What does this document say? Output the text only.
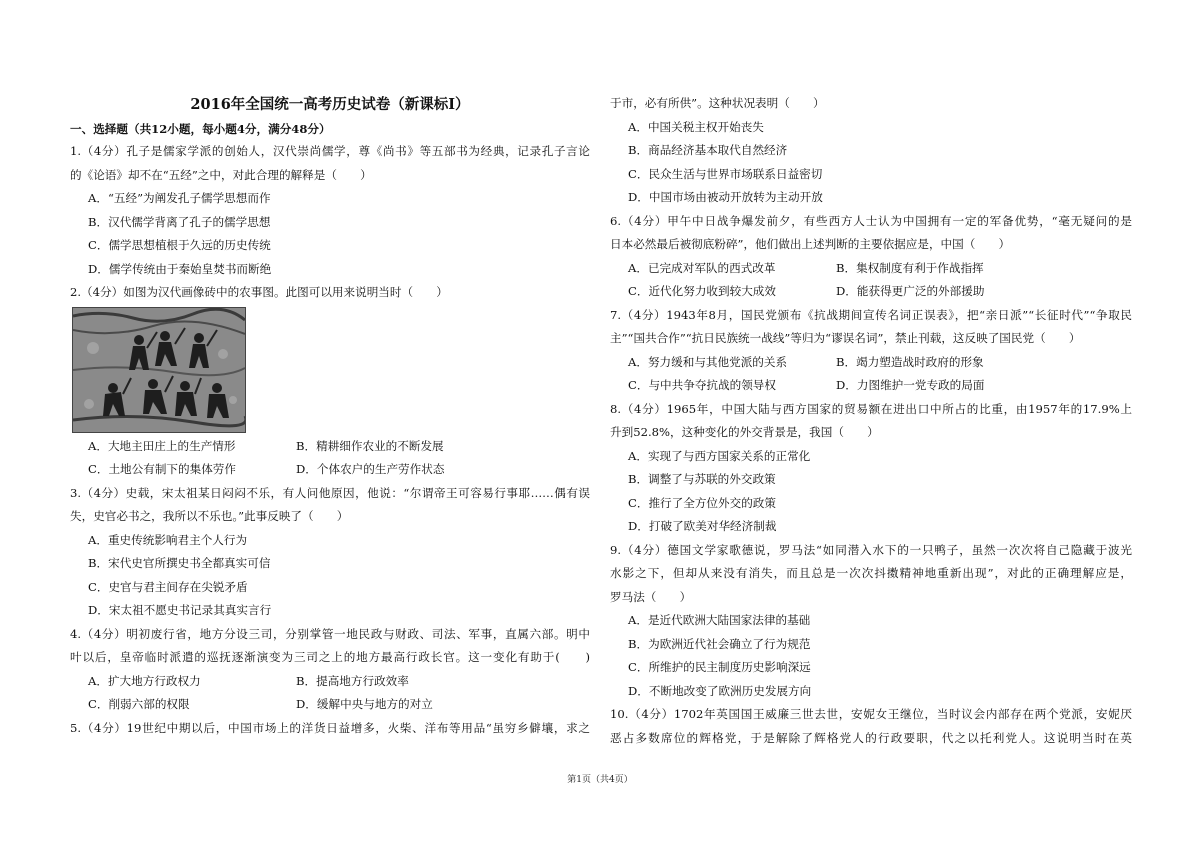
2016年全国统一高考历史试卷（新课标Ⅰ）
一、选择题（共12小题，每小题4分，满分48分）
1.（4分）孔子是儒家学派的创始人，汉代崇尚儒学，尊《尚书》等五部书为经典，记录孔子言论
的《论语》却不在“五经”之中，对此合理的解释是（　　）
A．“五经”为阐发孔子儒学思想而作
B．汉代儒学背离了孔子的儒学思想
C．儒学思想植根于久远的历史传统
D．儒学传统由于秦始皇焚书而断绝
2.（4分）如图为汉代画像砖中的农事图。此图可以用来说明当时（　　）
A．大地主田庄上的生产情形	B．精耕细作农业的不断发展
C．土地公有制下的集体劳作	D．个体农户的生产劳作状态
3.（4分）史载，宋太祖某日闷闷不乐，有人问他原因，他说：“尔谓帝王可容易行事耶……偶有误
失，史官必书之，我所以不乐也。”此事反映了（　　）
A．重史传统影响君主个人行为
B．宋代史官所撰史书全都真实可信
C．史官与君主间存在尖锐矛盾
D．宋太祖不愿史书记录其真实言行
4.（4分）明初废行省，地方分设三司，分别掌管一地民政与财政、司法、军事，直属六部。明中
叶以后，皇帝临时派遣的巡抚逐渐演变为三司之上的地方最高行政长官。这一变化有助于(　　)
A．扩大地方行政权力	B．提高地方行政效率
C．削弱六部的权限	D．缓解中央与地方的对立
5.（4分）19世纪中期以后，中国市场上的洋货日益增多，火柴、洋布等用品“虽穷乡僻壤，求之
于市，必有所供”。这种状况表明（　　）
A．中国关税主权开始丧失
B．商品经济基本取代自然经济
C．民众生活与世界市场联系日益密切
D．中国市场由被动开放转为主动开放
6.（4分）甲午中日战争爆发前夕，有些西方人士认为中国拥有一定的军备优势，“毫无疑问的是
日本必然最后被彻底粉碎”，他们做出上述判断的主要依据应是，中国（　　）
A．已完成对军队的西式改革	B．集权制度有利于作战指挥
C．近代化努力收到较大成效	D．能获得更广泛的外部援助
7.（4分）1943年8月，国民党颁布《抗战期间宣传名词正误表》，把“亲日派”“长征时代”“争取民
主”“国共合作”“抗日民族统一战线”等归为“谬误名词”，禁止刊载，这反映了国民党（　　）
A．努力缓和与其他党派的关系	B．竭力塑造战时政府的形象
C．与中共争夺抗战的领导权	D．力图维护一党专政的局面
8.（4分）1965年，中国大陆与西方国家的贸易额在进出口中所占的比重，由1957年的17.9%上
升到52.8%，这种变化的外交背景是，我国（　　）
A．实现了与西方国家关系的正常化
B．调整了与苏联的外交政策
C．推行了全方位外交的政策
D．打破了欧美对华经济制裁
9.（4分）德国文学家歌德说，罗马法“如同潜入水下的一只鸭子，虽然一次次将自己隐藏于波光
水影之下，但却从来没有消失，而且总是一次次抖擞精神地重新出现”，对此的正确理解应是，
罗马法（　　）
A．是近代欧洲大陆国家法律的基础
B．为欧洲近代社会确立了行为规范
C．所维护的民主制度历史影响深远
D．不断地改变了欧洲历史发展方向
10.（4分）1702年英国国王威廉三世去世，安妮女王继位，当时议会内部存在两个党派，安妮厌
恶占多数席位的辉格党，于是解除了辉格党人的行政要职，代之以托利党人。这说明当时在英
第1页（共4页）
